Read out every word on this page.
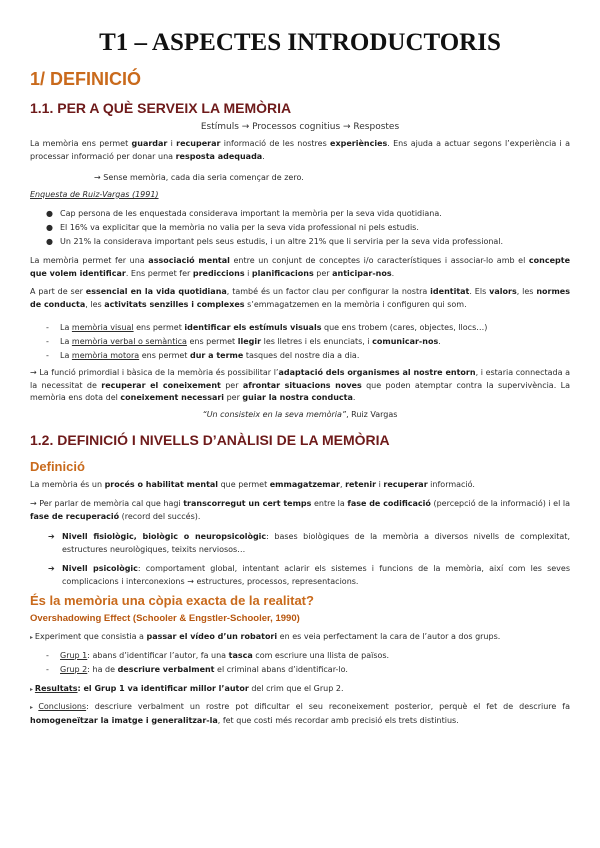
T1 – ASPECTES INTRODUCTORIS
1/ DEFINICIÓ
1.1. PER A QUÈ SERVEIX LA MEMÒRIA
Estímuls → Processos cognitius → Respostes
La memòria ens permet guardar i recuperar informació de les nostres experiències. Ens ajuda a actuar segons l’experiència i a processar informació per donar una resposta adequada.
→ Sense memòria, cada dia seria començar de zero.
Enquesta de Ruiz-Vargas (1991)
● Cap persona de les enquestada considerava important la memòria per la seva vida quotidiana.
● El 16% va explicitar que la memòria no valia per la seva vida professional ni pels estudis.
● Un 21% la considerava important pels seus estudis, i un altre 21% que li serviria per la seva vida professional.
La memòria permet fer una associació mental entre un conjunt de conceptes i/o característiques i associar-lo amb el concepte que volem identificar. Ens permet fer prediccions i planificacions per anticipar-nos.
A part de ser essencial en la vida quotidiana, també és un factor clau per configurar la nostra identitat. Els valors, les normes de conducta, les activitats senzilles i complexes s’emmagatzemen en la memòria i configuren qui som.
- La memòria visual ens permet identificar els estímuls visuals que ens trobem (cares, objectes, llocs…)
- La memòria verbal o semàntica ens permet llegir les lletres i els enunciats, i comunicar-nos.
- La memòria motora ens permet dur a terme tasques del nostre dia a dia.
→ La funció primordial i bàsica de la memòria és possibilitar l’adaptació dels organismes al nostre entorn, i estaria connectada a la necessitat de recuperar el coneixement per afrontar situacions noves que poden atemptar contra la supervivència. La memòria ens dota del coneixement necessari per guiar la nostra conducta.
“Un consisteix en la seva memòria”, Ruiz Vargas
1.2. DEFINICIÓ I NIVELLS D’ANÀLISI DE LA MEMÒRIA
Definició
La memòria és un procés o habilitat mental que permet emmagatzemar, retenir i recuperar informació.
→ Per parlar de memòria cal que hagi transcorregut un cert temps entre la fase de codificació (percepció de la informació) i el la fase de recuperació (record del succés).
➔ Nivell fisiològic, biològic o neuropsicològic: bases biològiques de la memòria a diversos nivells de complexitat, estructures neurològiques, teixits nerviosos…
➔ Nivell psicològic: comportament global, intentant aclarir els sistemes i funcions de la memòria, així com les seves complicacions i interconexions → estructures, processos, representacions.
És la memòria una còpia exacta de la realitat?
Overshadowing Effect (Schooler & Engstler-Schooler, 1990)
▸ Experiment que consistia a passar el vídeo d’un robatori en es veia perfectament la cara de l’autor a dos grups.
- Grup 1: abans d’identificar l’autor, fa una tasca com escriure una llista de països.
- Grup 2: ha de descriure verbalment el criminal abans d’identificar-lo.
▸ Resultats: el Grup 1 va identificar millor l’autor del crim que el Grup 2.
▸ Conclusions: descriure verbalment un rostre pot dificultar el seu reconeixement posterior, perquè el fet de descriure fa homogeneïtzar la imatge i generalitzar-la, fet que costi més recordar amb precisió els trets distintius.
